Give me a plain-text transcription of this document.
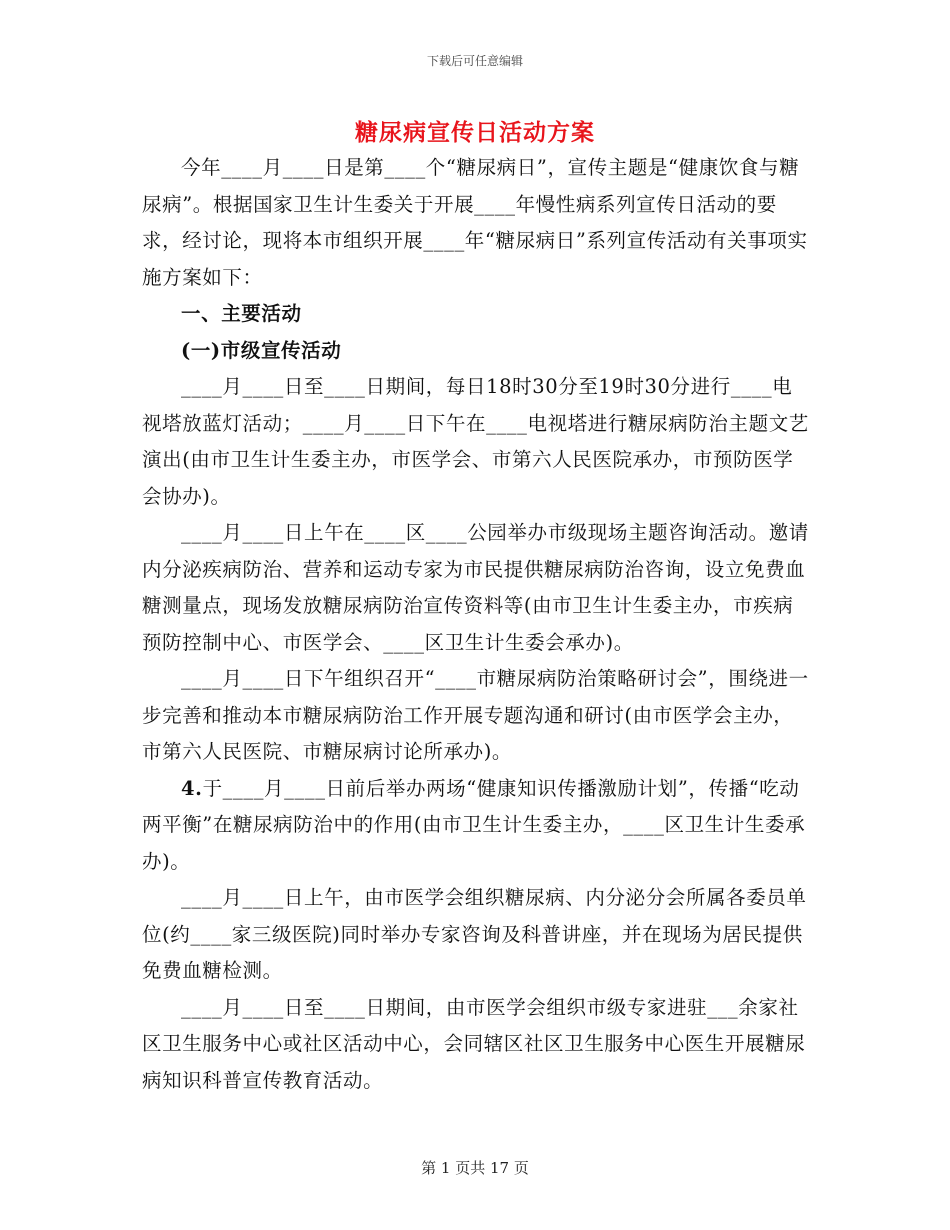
下载后可任意编辑
糖尿病宣传日活动方案

今年____月____日是第____个“糖尿病日”，宣传主题是“健康饮食与糖尿病”。根据国家卫生计生委关于开展____年慢性病系列宣传日活动的要求，经讨论，现将本市组织开展____年“糖尿病日”系列宣传活动有关事项实施方案如下：

一、主要活动
(一)市级宣传活动

____月____日至____日期间，每日18时30分至19时30分进行____电视塔放蓝灯活动；____月____日下午在____电视塔进行糖尿病防治主题文艺演出(由市卫生计生委主办，市医学会、市第六人民医院承办，市预防医学会协办)。

____月____日上午在____区____公园举办市级现场主题咨询活动。邀请内分泌疾病防治、营养和运动专家为市民提供糖尿病防治咨询，设立免费血糖测量点，现场发放糖尿病防治宣传资料等(由市卫生计生委主办，市疾病预防控制中心、市医学会、____区卫生计生委会承办)。

____月____日下午组织召开“____市糖尿病防治策略研讨会”，围绕进一步完善和推动本市糖尿病防治工作开展专题沟通和研讨(由市医学会主办，市第六人民医院、市糖尿病讨论所承办)。

4.于____月____日前后举办两场“健康知识传播激励计划”，传播“吃动两平衡”在糖尿病防治中的作用(由市卫生计生委主办，____区卫生计生委承办)。

____月____日上午，由市医学会组织糖尿病、内分泌分会所属各委员单位(约____家三级医院)同时举办专家咨询及科普讲座，并在现场为居民提供免费血糖检测。

____月____日至____日期间，由市医学会组织市级专家进驻___余家社区卫生服务中心或社区活动中心，会同辖区社区卫生服务中心医生开展糖尿病知识科普宣传教育活动。

第 1 页共 17 页
